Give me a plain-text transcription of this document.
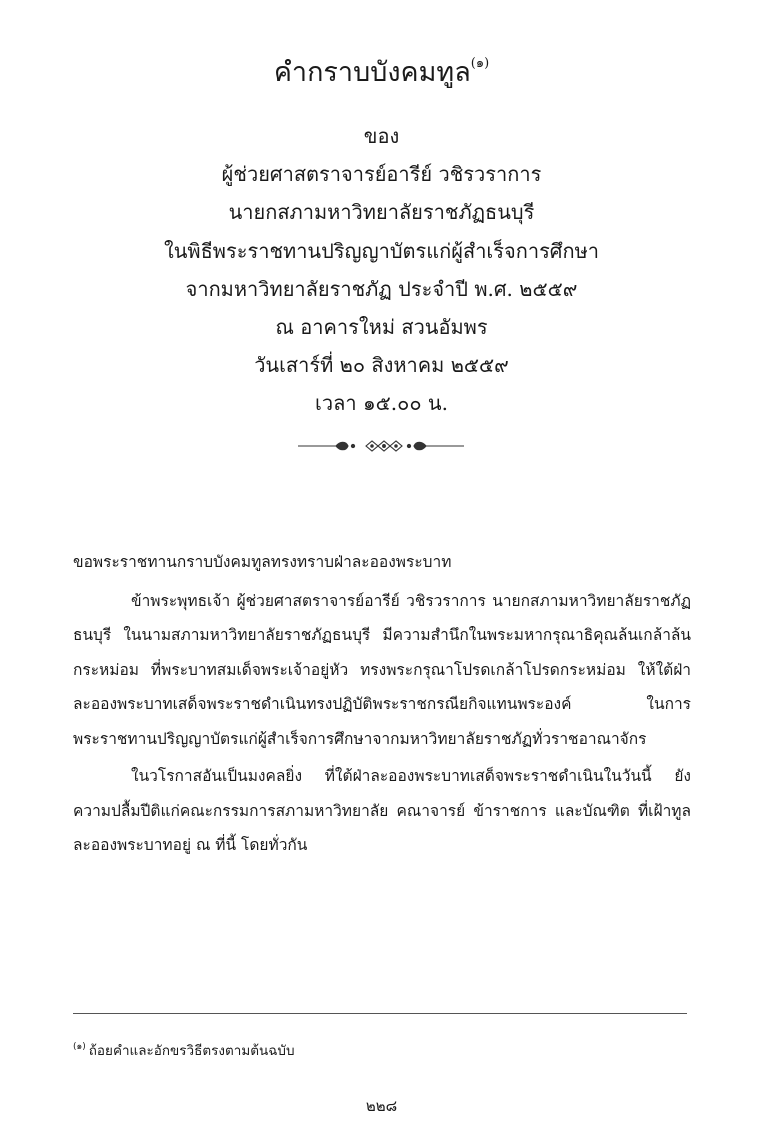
คำกราบบังคมทูล$^{(๑)}$
ของ
ผู้ช่วยศาสตราจารย์อารีย์ วชิรวราการ
นายกสภามหาวิทยาลัยราชภัฏธนบุรี
ในพิธีพระราชทานปริญญาบัตรแก่ผู้สำเร็จการศึกษา
จากมหาวิทยาลัยราชภัฏ ประจำปี พ.ศ. ๒๕๕๙
ณ อาคารใหม่ สวนอัมพร
วันเสาร์ที่ ๒๐ สิงหาคม ๒๕๕๙
เวลา ๑๕.๐๐ น.

ขอพระราชทานกราบบังคมทูลทรงทราบฝ่าละอองพระบาท

ข้าพระพุทธเจ้า ผู้ช่วยศาสตราจารย์อารีย์ วชิรวราการ นายกสภามหาวิทยาลัยราชภัฏธนบุรี ในนามสภามหาวิทยาลัยราชภัฏธนบุรี มีความสำนึกในพระมหากรุณาธิคุณล้นเกล้าล้นกระหม่อม ที่พระบาทสมเด็จพระเจ้าอยู่หัว ทรงพระกรุณาโปรดเกล้าโปรดกระหม่อม ให้ใต้ฝ่าละอองพระบาทเสด็จพระราชดำเนินทรงปฏิบัติพระราชกรณียกิจแทนพระองค์ ในการพระราชทานปริญญาบัตรแก่ผู้สำเร็จการศึกษาจากมหาวิทยาลัยราชภัฏทั่วราชอาณาจักร

ในวโรกาสอันเป็นมงคลยิ่ง ที่ใต้ฝ่าละอองพระบาทเสด็จพระราชดำเนินในวันนี้ ยังความปลื้มปีติแก่คณะกรรมการสภามหาวิทยาลัย คณาจารย์ ข้าราชการ และบัณฑิต ที่เฝ้าทูลละอองพระบาทอยู่ ณ ที่นี้ โดยทั่วกัน

$^{(๑)}$ ถ้อยคำและอักขรวิธีตรงตามต้นฉบับ
๒๒๘
